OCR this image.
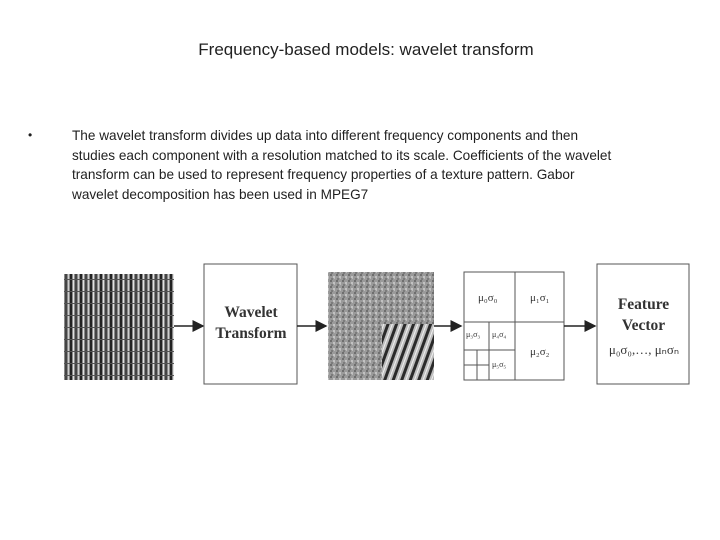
Frequency-based models: wavelet transform
•	The wavelet transform divides up data into different frequency components and then
studies each component with a resolution matched to its scale. Coefficients of the wavelet
transform can be used to represent frequency properties of a texture pattern. Gabor
wavelet decomposition has been used in MPEG7
Wavelet
Transform
μ₀σ₀	μ₁σ₁
μ₂σ₂
μ₃σ₃ μ₄σ₄
μ₅σ₅
Feature
Vector
μ₀σ₀,…, μₙσₙ
